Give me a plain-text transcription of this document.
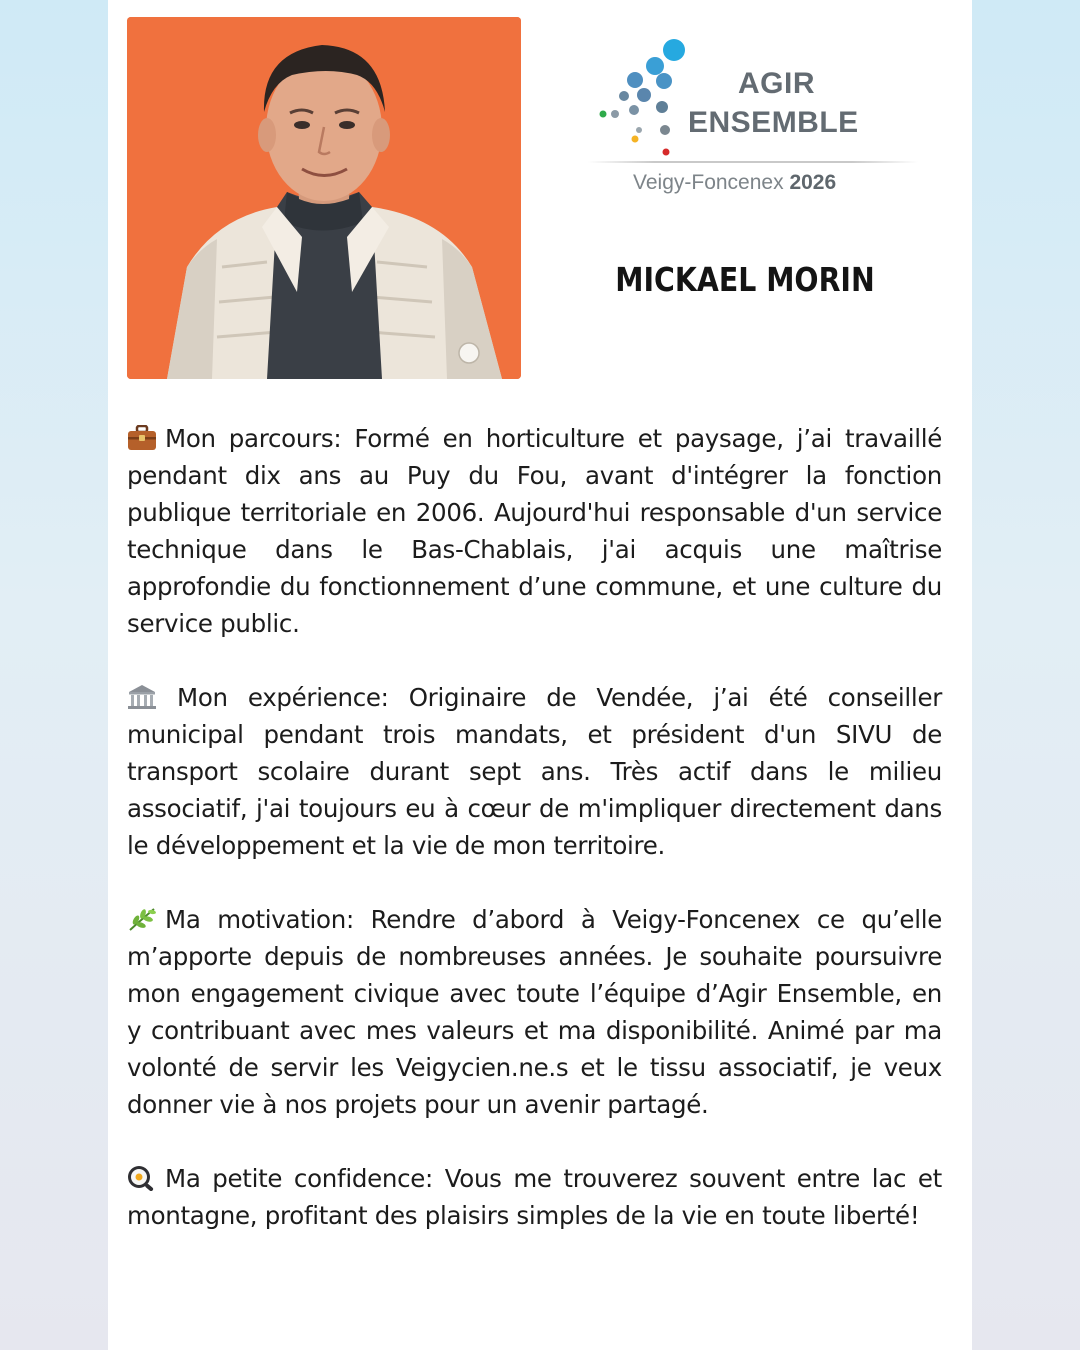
AGIR
ENSEMBLE
Veigy-Foncenex 2026
MICKAEL MORIN

Mon parcours: Formé en horticulture et paysage, j’ai travaillé pendant dix ans au Puy du Fou, avant d'intégrer la fonction publique territoriale en 2006. Aujourd'hui responsable d'un service technique dans le Bas-Chablais, j'ai acquis une maîtrise approfondie du fonctionnement d’une commune, et une culture du service public.

Mon expérience: Originaire de Vendée, j’ai été conseiller municipal pendant trois mandats, et président d'un SIVU de transport scolaire durant sept ans. Très actif dans le milieu associatif, j'ai toujours eu à cœur de m'impliquer directement dans le développement et la vie de mon territoire.

Ma motivation: Rendre d’abord à Veigy-Foncenex ce qu’elle m’apporte depuis de nombreuses années. Je souhaite poursuivre mon engagement civique avec toute l’équipe d’Agir Ensemble, en y contribuant avec mes valeurs et ma disponibilité. Animé par ma volonté de servir les Veigycien.ne.s et le tissu associatif, je veux donner vie à nos projets pour un avenir partagé.

Ma petite confidence: Vous me trouverez souvent entre lac et montagne, profitant des plaisirs simples de la vie en toute liberté!
